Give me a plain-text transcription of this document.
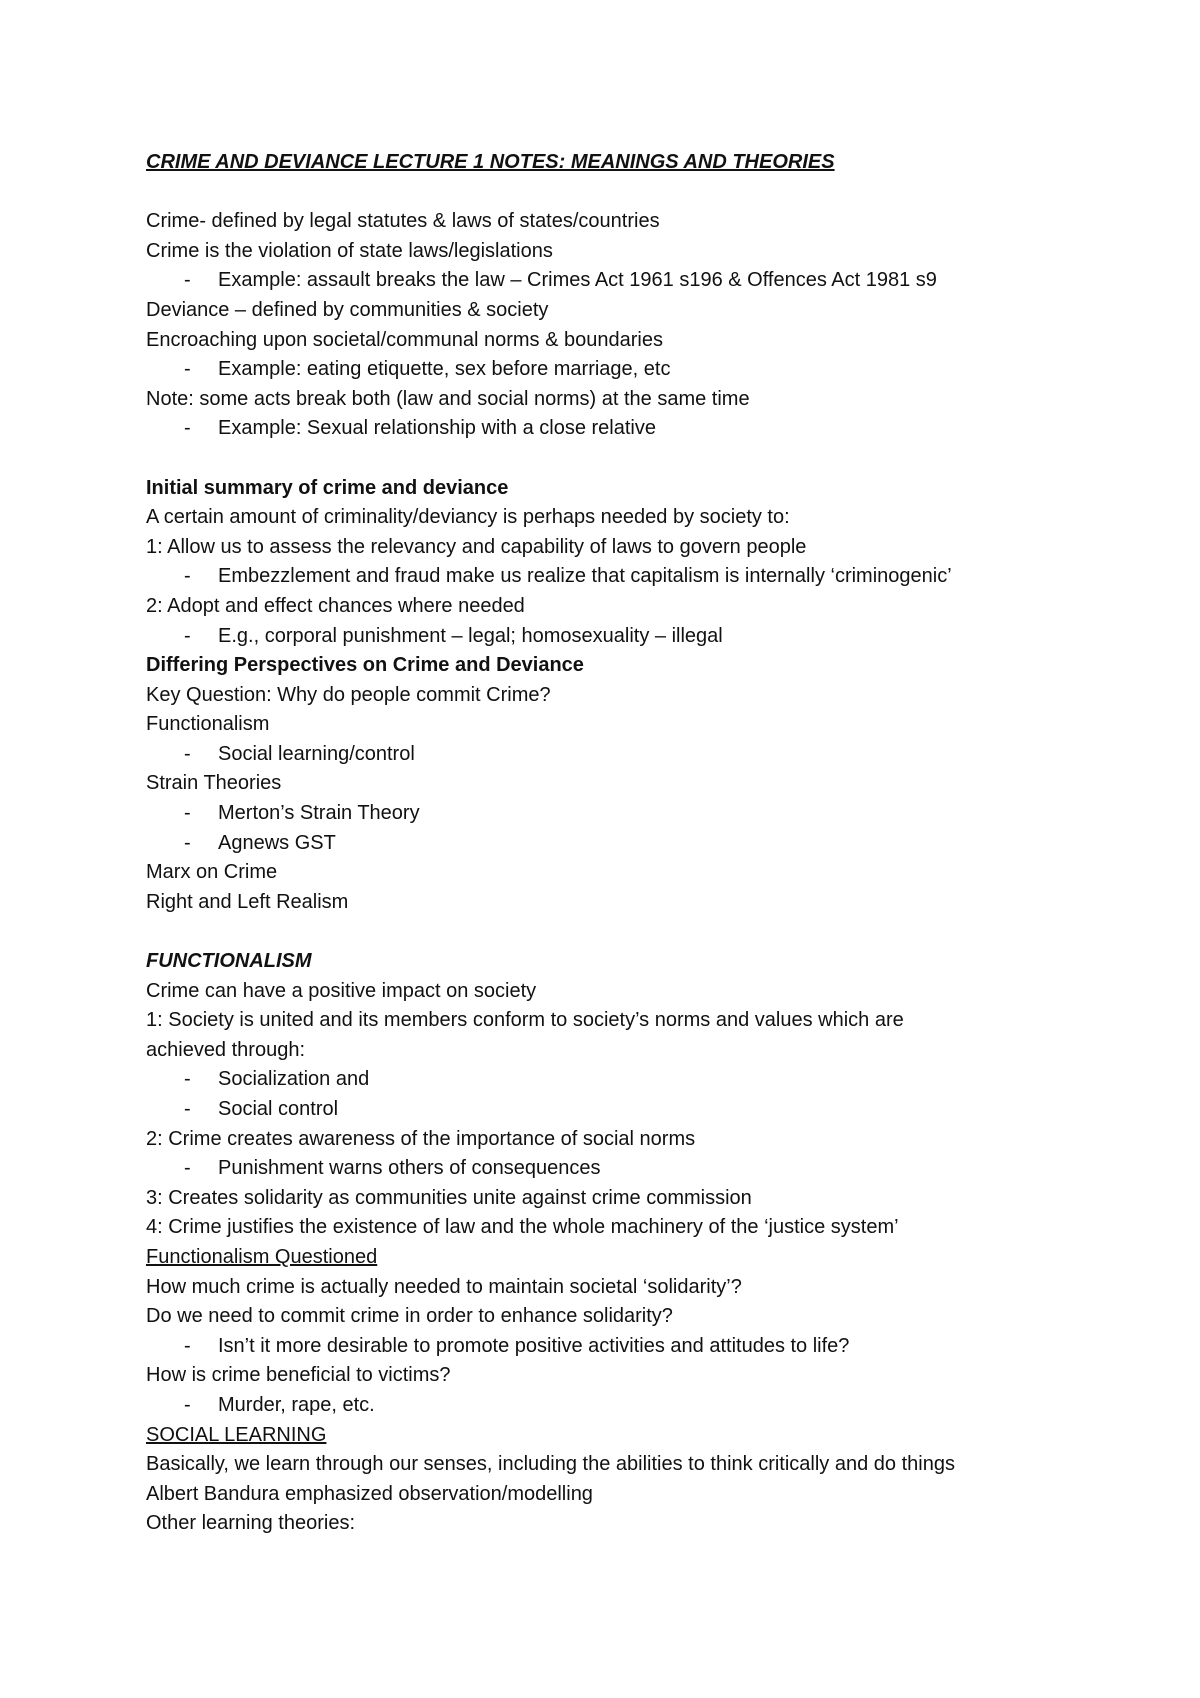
CRIME AND DEVIANCE LECTURE 1 NOTES: MEANINGS AND THEORIES
Crime- defined by legal statutes & laws of states/countries
Crime is the violation of state laws/legislations
- Example: assault breaks the law – Crimes Act 1961 s196 & Offences Act 1981 s9
Deviance – defined by communities & society
Encroaching upon societal/communal norms & boundaries
- Example: eating etiquette, sex before marriage, etc
Note: some acts break both (law and social norms) at the same time
- Example: Sexual relationship with a close relative
Initial summary of crime and deviance
A certain amount of criminality/deviancy is perhaps needed by society to:
1: Allow us to assess the relevancy and capability of laws to govern people
- Embezzlement and fraud make us realize that capitalism is internally ‘criminogenic’
2: Adopt and effect chances where needed
- E.g., corporal punishment – legal; homosexuality – illegal
Differing Perspectives on Crime and Deviance
Key Question: Why do people commit Crime?
Functionalism
- Social learning/control
Strain Theories
- Merton’s Strain Theory
- Agnews GST
Marx on Crime
Right and Left Realism
FUNCTIONALISM
Crime can have a positive impact on society
1: Society is united and its members conform to society’s norms and values which are
achieved through:
- Socialization and
- Social control
2: Crime creates awareness of the importance of social norms
- Punishment warns others of consequences
3: Creates solidarity as communities unite against crime commission
4: Crime justifies the existence of law and the whole machinery of the ‘justice system’
Functionalism Questioned
How much crime is actually needed to maintain societal ‘solidarity’?
Do we need to commit crime in order to enhance solidarity?
- Isn’t it more desirable to promote positive activities and attitudes to life?
How is crime beneficial to victims?
- Murder, rape, etc.
SOCIAL LEARNING
Basically, we learn through our senses, including the abilities to think critically and do things
Albert Bandura emphasized observation/modelling
Other learning theories:
